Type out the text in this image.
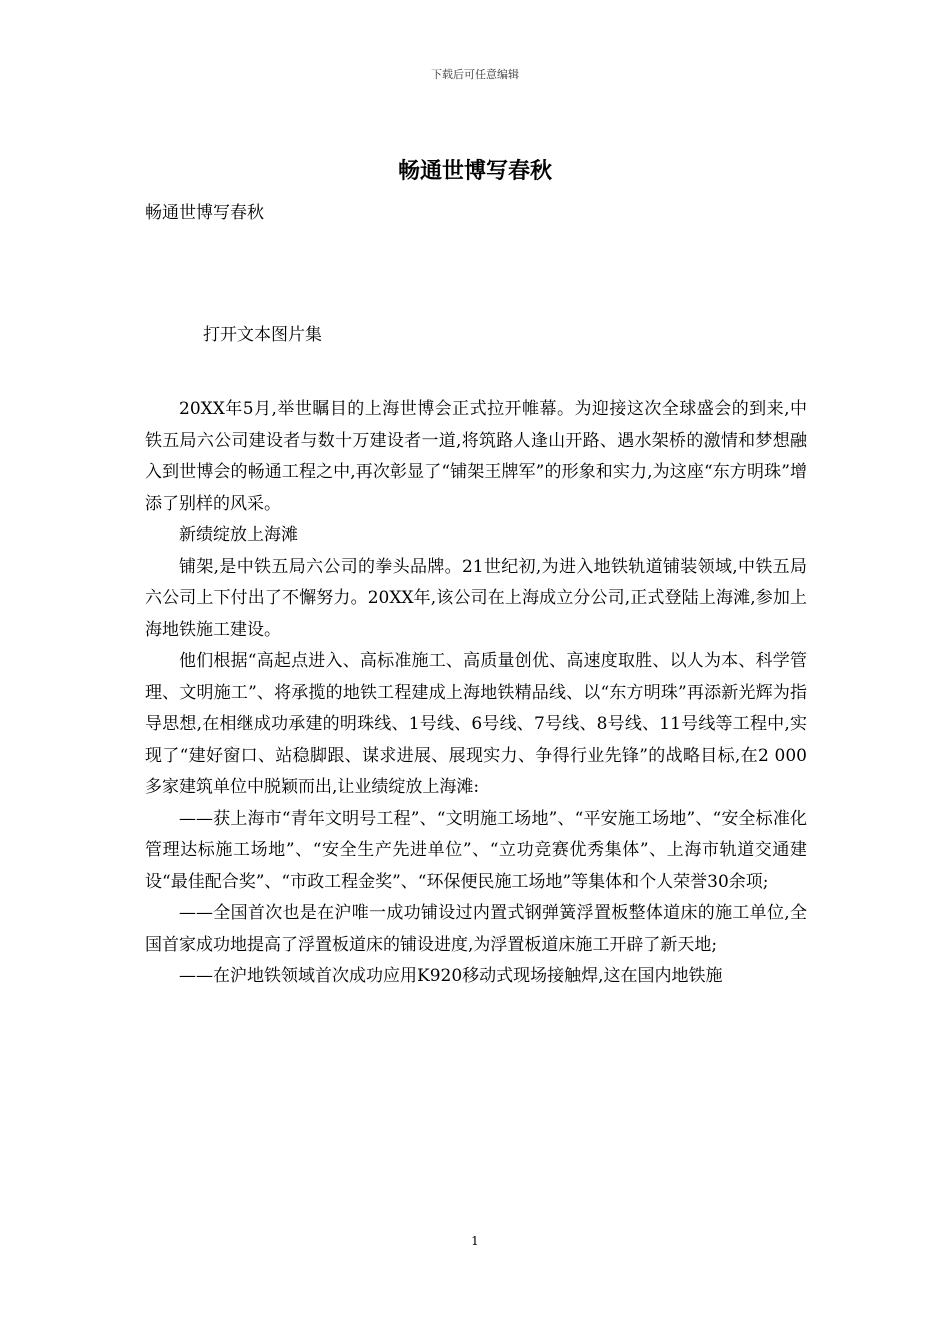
下载后可任意编辑
畅通世博写春秋

畅通世博写春秋

打开文本图片集

20XX年5月,举世瞩目的上海世博会正式拉开帷幕。为迎接这次全球盛会的到来,中铁五局六公司建设者与数十万建设者一道,将筑路人逢山开路、遇水架桥的激情和梦想融入到世博会的畅通工程之中,再次彰显了“铺架王牌军”的形象和实力,为这座“东方明珠”增添了别样的风采。

新绩绽放上海滩

铺架,是中铁五局六公司的拳头品牌。21世纪初,为进入地铁轨道铺装领域,中铁五局六公司上下付出了不懈努力。20XX年,该公司在上海成立分公司,正式登陆上海滩,参加上海地铁施工建设。

他们根据“高起点进入、高标准施工、高质量创优、高速度取胜、以人为本、科学管理、文明施工”、将承揽的地铁工程建成上海地铁精品线、以“东方明珠”再添新光辉为指导思想,在相继成功承建的明珠线、1号线、6号线、7号线、8号线、11号线等工程中,实现了“建好窗口、站稳脚跟、谋求进展、展现实力、争得行业先锋”的战略目标,在2 000多家建筑单位中脱颖而出,让业绩绽放上海滩:

——获上海市“青年文明号工程”、“文明施工场地”、“平安施工场地”、“安全标准化管理达标施工场地”、“安全生产先进单位”、“立功竞赛优秀集体”、上海市轨道交通建设“最佳配合奖”、“市政工程金奖”、“环保便民施工场地”等集体和个人荣誉30余项;

——全国首次也是在沪唯一成功铺设过内置式钢弹簧浮置板整体道床的施工单位,全国首家成功地提高了浮置板道床的铺设进度,为浮置板道床施工开辟了新天地;

——在沪地铁领域首次成功应用K920移动式现场接触焊,这在国内地铁施

1
